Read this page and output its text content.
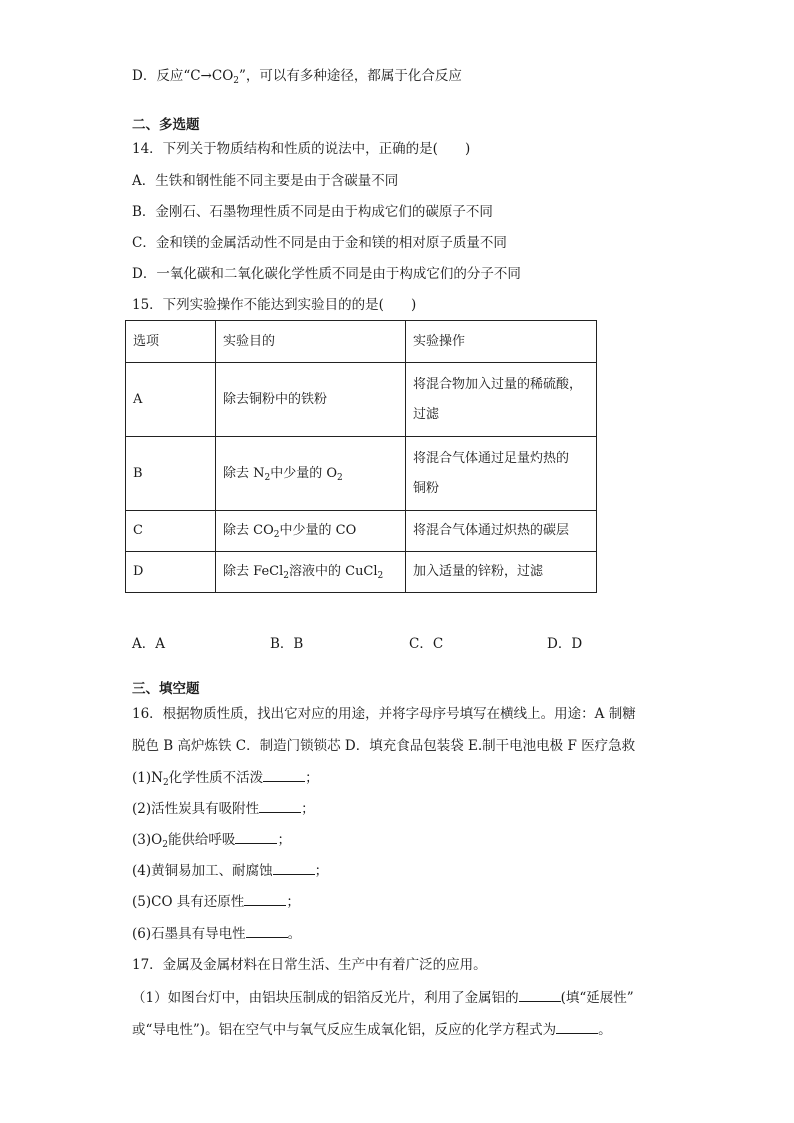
D．反应“$C\to CO_2$”，可以有多种途径，都属于化合反应
二、多选题
14．下列关于物质结构和性质的说法中，正确的是(　　)
A．生铁和钢性能不同主要是由于含碳量不同
B．金刚石、石墨物理性质不同是由于构成它们的碳原子不同
C．金和镁的金属活动性不同是由于金和镁的相对原子质量不同
D．一氧化碳和二氧化碳化学性质不同是由于构成它们的分子不同
15．下列实验操作不能达到实验目的的是(　　)
选项	实验目的	实验操作
A	除去铜粉中的铁粉	将混合物加入过量的稀硫酸，
过滤

B	除去 $N_2$中少量的 $O_2$	将混合气体通过足量灼热的
铜粉

C	除去 $CO_2$中少量的 CO	将混合气体通过炽热的碳层
D	除去 FeCl$_2$溶液中的 CuCl$_2$	加入适量的锌粉，过滤
A．A	B．B	C．C	D．D
三、填空题
16．根据物质性质，找出它对应的用途，并将字母序号填写在横线上。用途：A 制糖
脱色 B 高炉炼铁 C．制造门锁锁芯 D．填充食品包装袋 E.制干电池电极 F 医疗急救
$(1)N_2$化学性质不活泼	；
(2)活性炭具有吸附性	；
$(3)O_2$能供给呼吸	；
(4)黄铜易加工、耐腐蚀	；
(5)CO 具有还原性	；
(6)石墨具有导电性	。
17．金属及金属材料在日常生活、生产中有着广泛的应用。
（1）如图台灯中，由铝块压制成的铝箔反光片，利用了金属铝的	(填“延展性”
或“导电性”)。铝在空气中与氧气反应生成氧化铝，反应的化学方程式为	。
